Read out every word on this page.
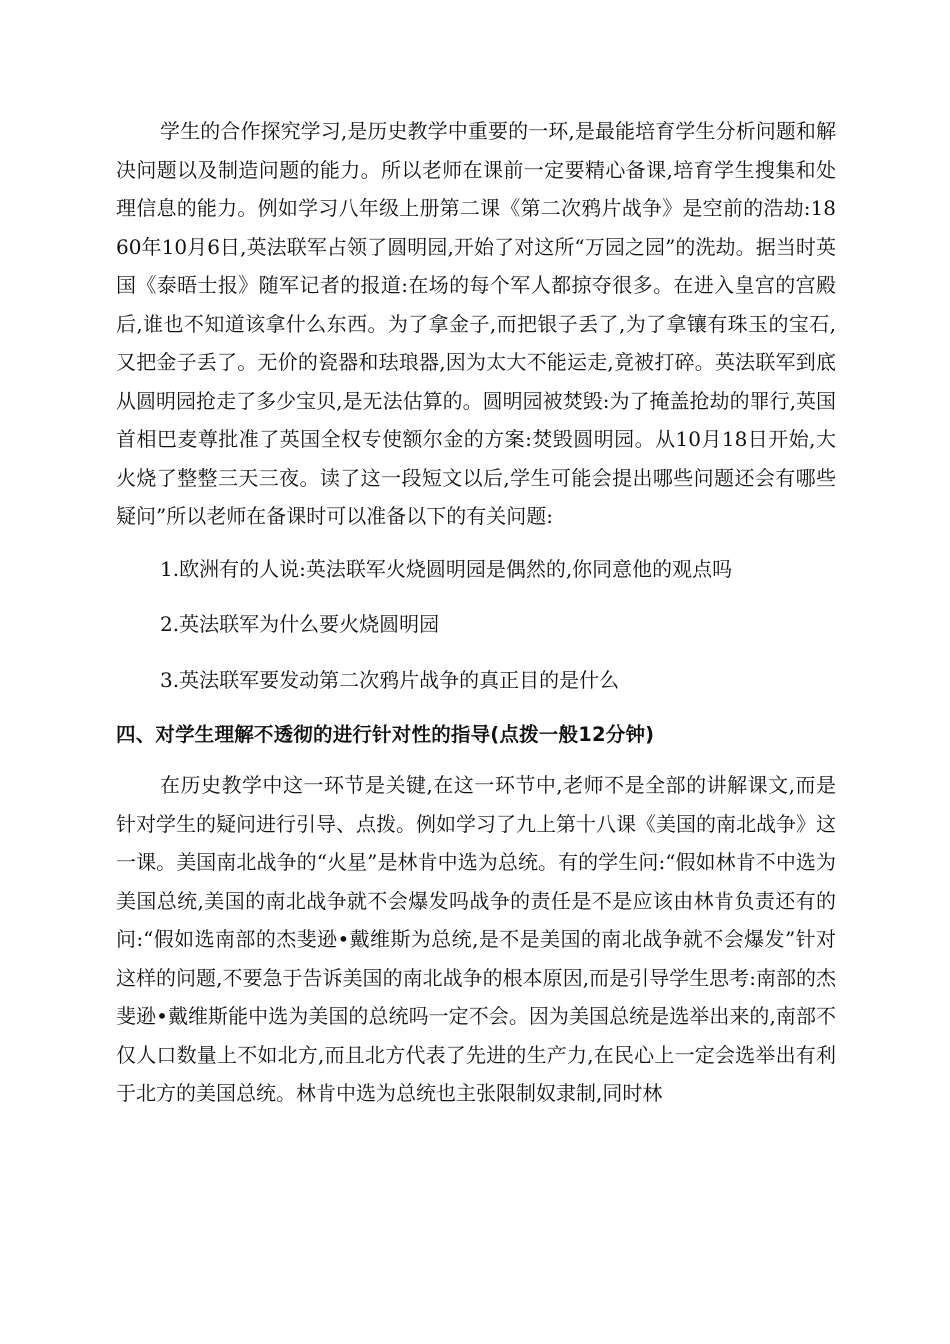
学生的合作探究学习,是历史教学中重要的一环,是最能培育学生分析问题和解决问题以及制造问题的能力。所以老师在课前一定要精心备课,培育学生搜集和处理信息的能力。例如学习八年级上册第二课《第二次鸦片战争》是空前的浩劫:1860年10月6日,英法联军占领了圆明园,开始了对这所“万园之园”的洗劫。据当时英国《泰晤士报》随军记者的报道:在场的每个军人都掠夺很多。在进入皇宫的宫殿后,谁也不知道该拿什么东西。为了拿金子,而把银子丢了,为了拿镶有珠玉的宝石,又把金子丢了。无价的瓷器和珐琅器,因为太大不能运走,竟被打碎。英法联军到底从圆明园抢走了多少宝贝,是无法估算的。圆明园被焚毁:为了掩盖抢劫的罪行,英国首相巴麦尊批准了英国全权专使额尔金的方案:焚毁圆明园。从10月18日开始,大火烧了整整三天三夜。读了这一段短文以后,学生可能会提出哪些问题还会有哪些疑问”所以老师在备课时可以准备以下的有关问题:

1.欧洲有的人说:英法联军火烧圆明园是偶然的,你同意他的观点吗
2.英法联军为什么要火烧圆明园
3.英法联军要发动第二次鸦片战争的真正目的是什么
四、对学生理解不透彻的进行针对性的指导(点拨一般12分钟)

在历史教学中这一环节是关键,在这一环节中,老师不是全部的讲解课文,而是针对学生的疑问进行引导、点拨。例如学习了九上第十八课《美国的南北战争》这一课。美国南北战争的“火星”是林肯中选为总统。有的学生问:“假如林肯不中选为美国总统,美国的南北战争就不会爆发吗战争的责任是不是应该由林肯负责还有的问:“假如选南部的杰斐逊•戴维斯为总统,是不是美国的南北战争就不会爆发”针对这样的问题,不要急于告诉美国的南北战争的根本原因,而是引导学生思考:南部的杰斐逊•戴维斯能中选为美国的总统吗一定不会。因为美国总统是选举出来的,南部不仅人口数量上不如北方,而且北方代表了先进的生产力,在民心上一定会选举出有利于北方的美国总统。林肯中选为总统也主张限制奴隶制,同时林
